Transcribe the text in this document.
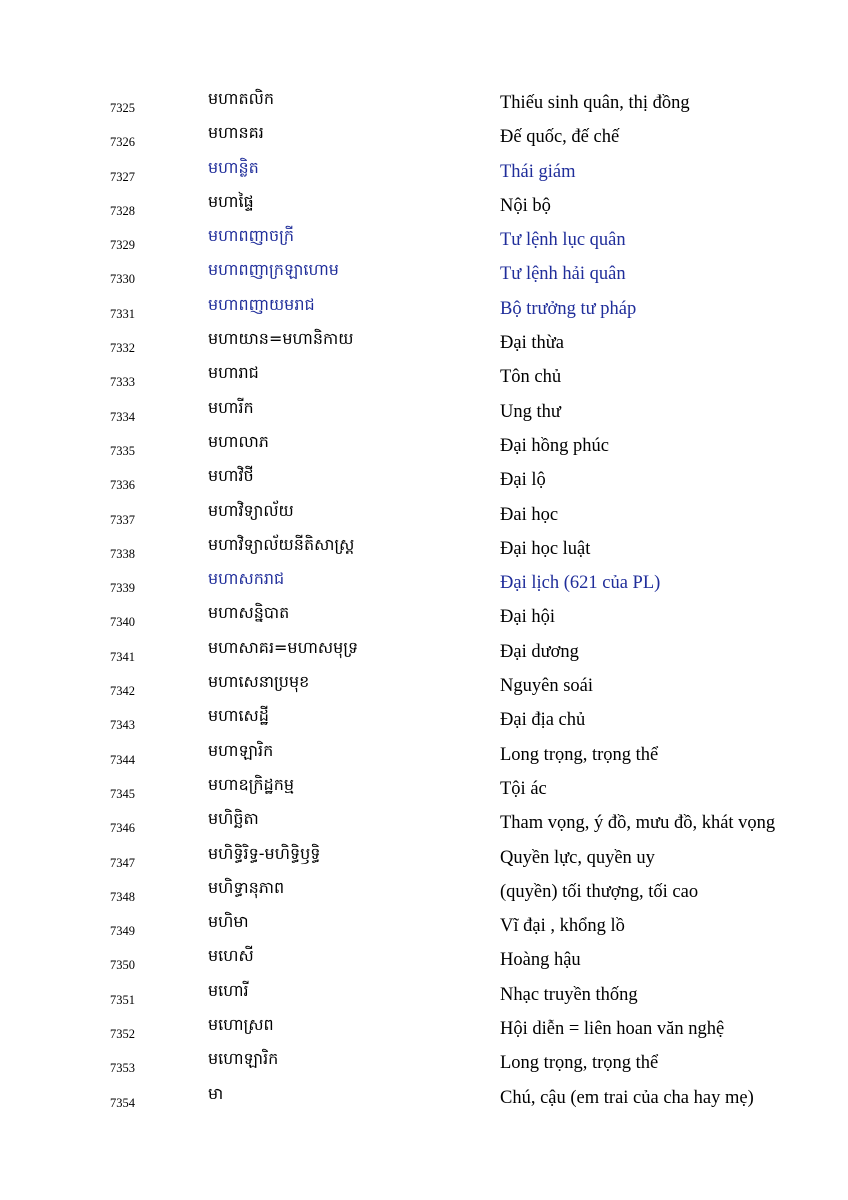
7325	មហាតលិក	Thiếu sinh quân, thị đồng
7326	មហានគរ	Đế quốc, đế chế
7327	មហាន្លិត	Thái giám
7328	មហាផ្ទៃ	Nội bộ
7329	មហាពញាចក្រី	Tư lệnh lục quân
7330	មហាពញាក្រឡាហោម	Tư lệnh hải quân
7331	មហាពញាយមរាជ	Bộ trưởng tư pháp
7332	មហាយាន=មហានិកាយ	Đại thừa
7333	មហារាជ	Tôn chủ
7334	មហារីក	Ung thư
7335	មហាលាភ	Đại hồng phúc
7336	មហាវិថី	Đại lộ
7337	មហាវិទ្យាល័យ	Đai học
7338	មហាវិទ្យាល័យនីតិសាស្ត្រ	Đại học luật
7339	មហាសករាជ	Đại lịch (621 của PL)
7340	មហាសន្និបាត	Đại hội
7341	មហាសាគរ=មហាសមុទ្រ	Đại dương
7342	មហាសេនាប្រមុខ	Nguyên soái
7343	មហាសេដ្ឋី	Đại địa chủ
7344	មហាឡារិក	Long trọng, trọng thể
7345	មហាឧក្រិដ្ឋកម្ម	Tội ác
7346	មហិច្ឆិតា	Tham vọng, ý đồ, mưu đồ, khát vọng
7347	មហិទ្ធិរិទ្ធ-មហិទ្ធិឫទ្ធិ	Quyền lực, quyền uy
7348	មហិទ្ធានុភាព	(quyền) tối thượng, tối cao
7349	មហិមា	Vĩ đại , khổng lồ
7350	មហេសី	Hoàng hậu
7351	មហោរី	Nhạc truyền thống
7352	មហោស្រព	Hội diễn = liên hoan văn nghệ
7353	មហោឡារិក	Long trọng, trọng thể
7354	មា	Chú, cậu (em trai của cha hay mẹ)
